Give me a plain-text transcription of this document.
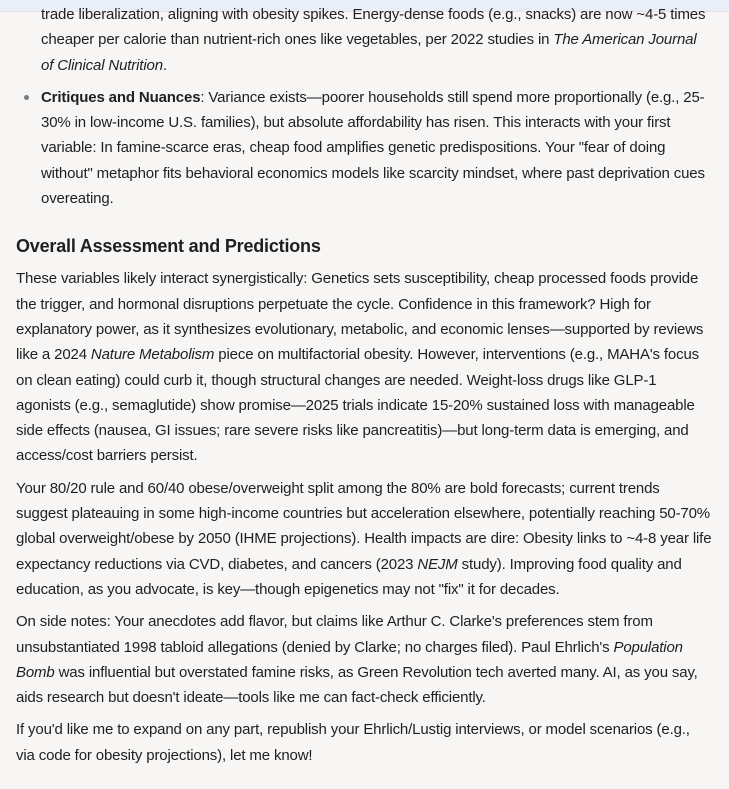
trade liberalization, aligning with obesity spikes. Energy-dense foods (e.g., snacks) are now ~4-5 times cheaper per calorie than nutrient-rich ones like vegetables, per 2022 studies in The American Journal of Clinical Nutrition.
Critiques and Nuances: Variance exists—poorer households still spend more proportionally (e.g., 25-30% in low-income U.S. families), but absolute affordability has risen. This interacts with your first variable: In famine-scarce eras, cheap food amplifies genetic predispositions. Your "fear of doing without" metaphor fits behavioral economics models like scarcity mindset, where past deprivation cues overeating.
Overall Assessment and Predictions

These variables likely interact synergistically: Genetics sets susceptibility, cheap processed foods provide the trigger, and hormonal disruptions perpetuate the cycle. Confidence in this framework? High for explanatory power, as it synthesizes evolutionary, metabolic, and economic lenses—supported by reviews like a 2024 Nature Metabolism piece on multifactorial obesity. However, interventions (e.g., MAHA's focus on clean eating) could curb it, though structural changes are needed. Weight-loss drugs like GLP-1 agonists (e.g., semaglutide) show promise—2025 trials indicate 15-20% sustained loss with manageable side effects (nausea, GI issues; rare severe risks like pancreatitis)—but long-term data is emerging, and access/cost barriers persist.

Your 80/20 rule and 60/40 obese/overweight split among the 80% are bold forecasts; current trends suggest plateauing in some high-income countries but acceleration elsewhere, potentially reaching 50-70% global overweight/obese by 2050 (IHME projections). Health impacts are dire: Obesity links to ~4-8 year life expectancy reductions via CVD, diabetes, and cancers (2023 NEJM study). Improving food quality and education, as you advocate, is key—though epigenetics may not "fix" it for decades.

On side notes: Your anecdotes add flavor, but claims like Arthur C. Clarke's preferences stem from unsubstantiated 1998 tabloid allegations (denied by Clarke; no charges filed). Paul Ehrlich's Population Bomb was influential but overstated famine risks, as Green Revolution tech averted many. AI, as you say, aids research but doesn't ideate—tools like me can fact-check efficiently.

If you'd like me to expand on any part, republish your Ehrlich/Lustig interviews, or model scenarios (e.g., via code for obesity projections), let me know!
